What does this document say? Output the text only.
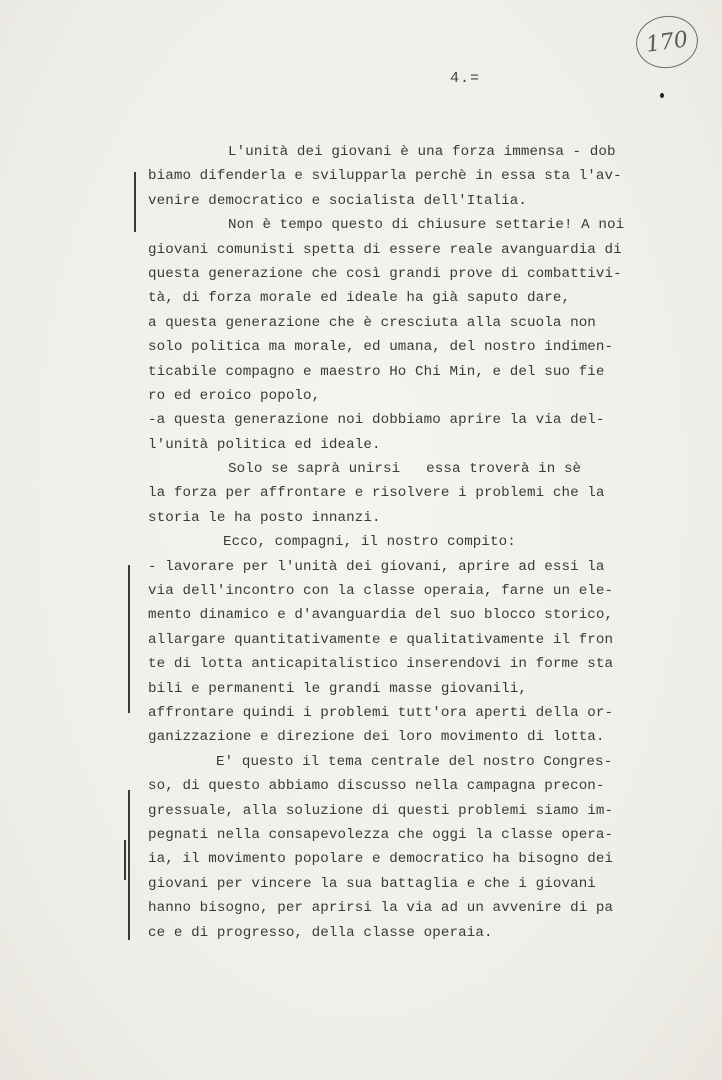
170
4.=
L'unità dei giovani è una forza immensa - dob
biamo difenderla e svilupparla perchè in essa sta l'av-
venire democratico e socialista dell'Italia.
Non è tempo questo di chiusure settarie! A noi
giovani comunisti spetta di essere reale avanguardia di
questa generazione che così grandi prove di combattivi-
tà, di forza morale ed ideale ha già saputo dare,
a questa generazione che è cresciuta alla scuola non
solo politica ma morale, ed umana, del nostro indimen-
ticabile compagno e maestro Ho Chi Min, e del suo fie
ro ed eroico popolo,
-a questa generazione noi dobbiamo aprire la via del-
l'unità politica ed ideale.
Solo se saprà unirsi   essa troverà in sè
la forza per affrontare e risolvere i problemi che la
storia le ha posto innanzi.
Ecco, compagni, il nostro compito:
- lavorare per l'unità dei giovani, aprire ad essi la
via dell'incontro con la classe operaia, farne un ele-
mento dinamico e d'avanguardia del suo blocco storico,
allargare quantitativamente e qualitativamente il fron
te di lotta anticapitalistico inserendovi in forme sta
bili e permanenti le grandi masse giovanili,
affrontare quindi i problemi tutt'ora aperti della or-
ganizzazione e direzione dei loro movimento di lotta.
E' questo il tema centrale del nostro Congres-
so, di questo abbiamo discusso nella campagna precon-
gressuale, alla soluzione di questi problemi siamo im-
pegnati nella consapevolezza che oggi la classe opera-
ia, il movimento popolare e democratico ha bisogno dei
giovani per vincere la sua battaglia e che i giovani
hanno bisogno, per aprirsi la via ad un avvenire di pa
ce e di progresso, della classe operaia.
